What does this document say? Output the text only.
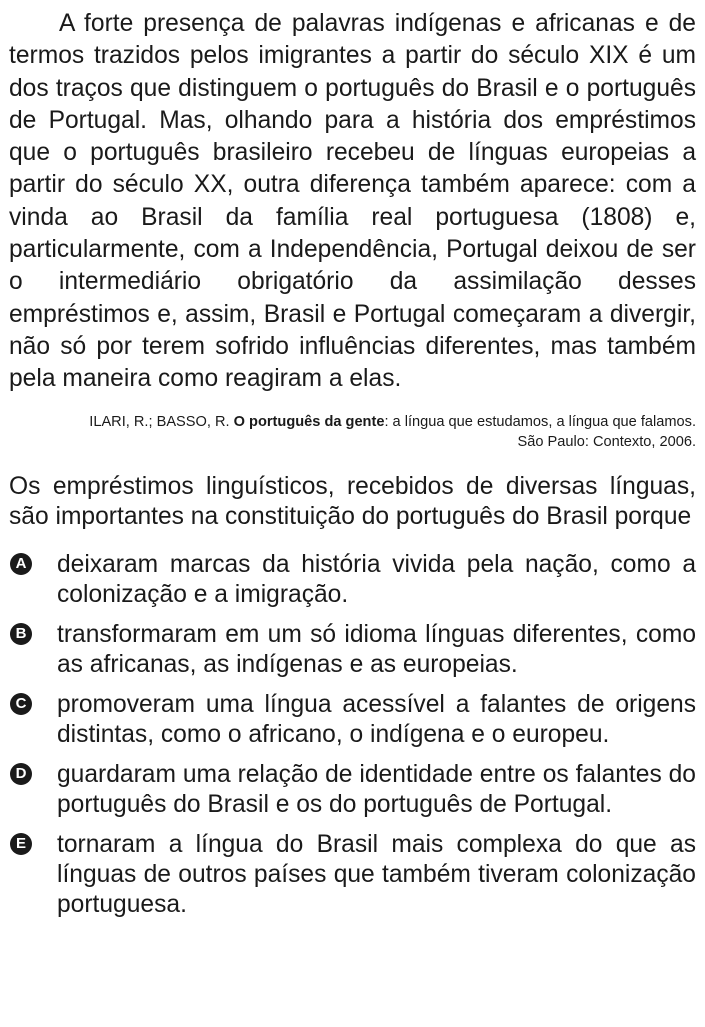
A forte presença de palavras indígenas e africanas e de termos trazidos pelos imigrantes a partir do século XIX é um dos traços que distinguem o português do Brasil e o português de Portugal. Mas, olhando para a história dos empréstimos que o português brasileiro recebeu de línguas europeias a partir do século XX, outra diferença também aparece: com a vinda ao Brasil da família real portuguesa (1808) e, particularmente, com a Independência, Portugal deixou de ser o intermediário obrigatório da assimilação desses empréstimos e, assim, Brasil e Portugal começaram a divergir, não só por terem sofrido influências diferentes, mas também pela maneira como reagiram a elas.

ILARI, R.; BASSO, R. O português da gente: a língua que estudamos, a língua que falamos. São Paulo: Contexto, 2006.

Os empréstimos linguísticos, recebidos de diversas línguas, são importantes na constituição do português do Brasil porque

A deixaram marcas da história vivida pela nação, como a colonização e a imigração.
B transformaram em um só idioma línguas diferentes, como as africanas, as indígenas e as europeias.
C promoveram uma língua acessível a falantes de origens distintas, como o africano, o indígena e o europeu.
D guardaram uma relação de identidade entre os falantes do português do Brasil e os do português de Portugal.
E tornaram a língua do Brasil mais complexa do que as línguas de outros países que também tiveram colonização portuguesa.
